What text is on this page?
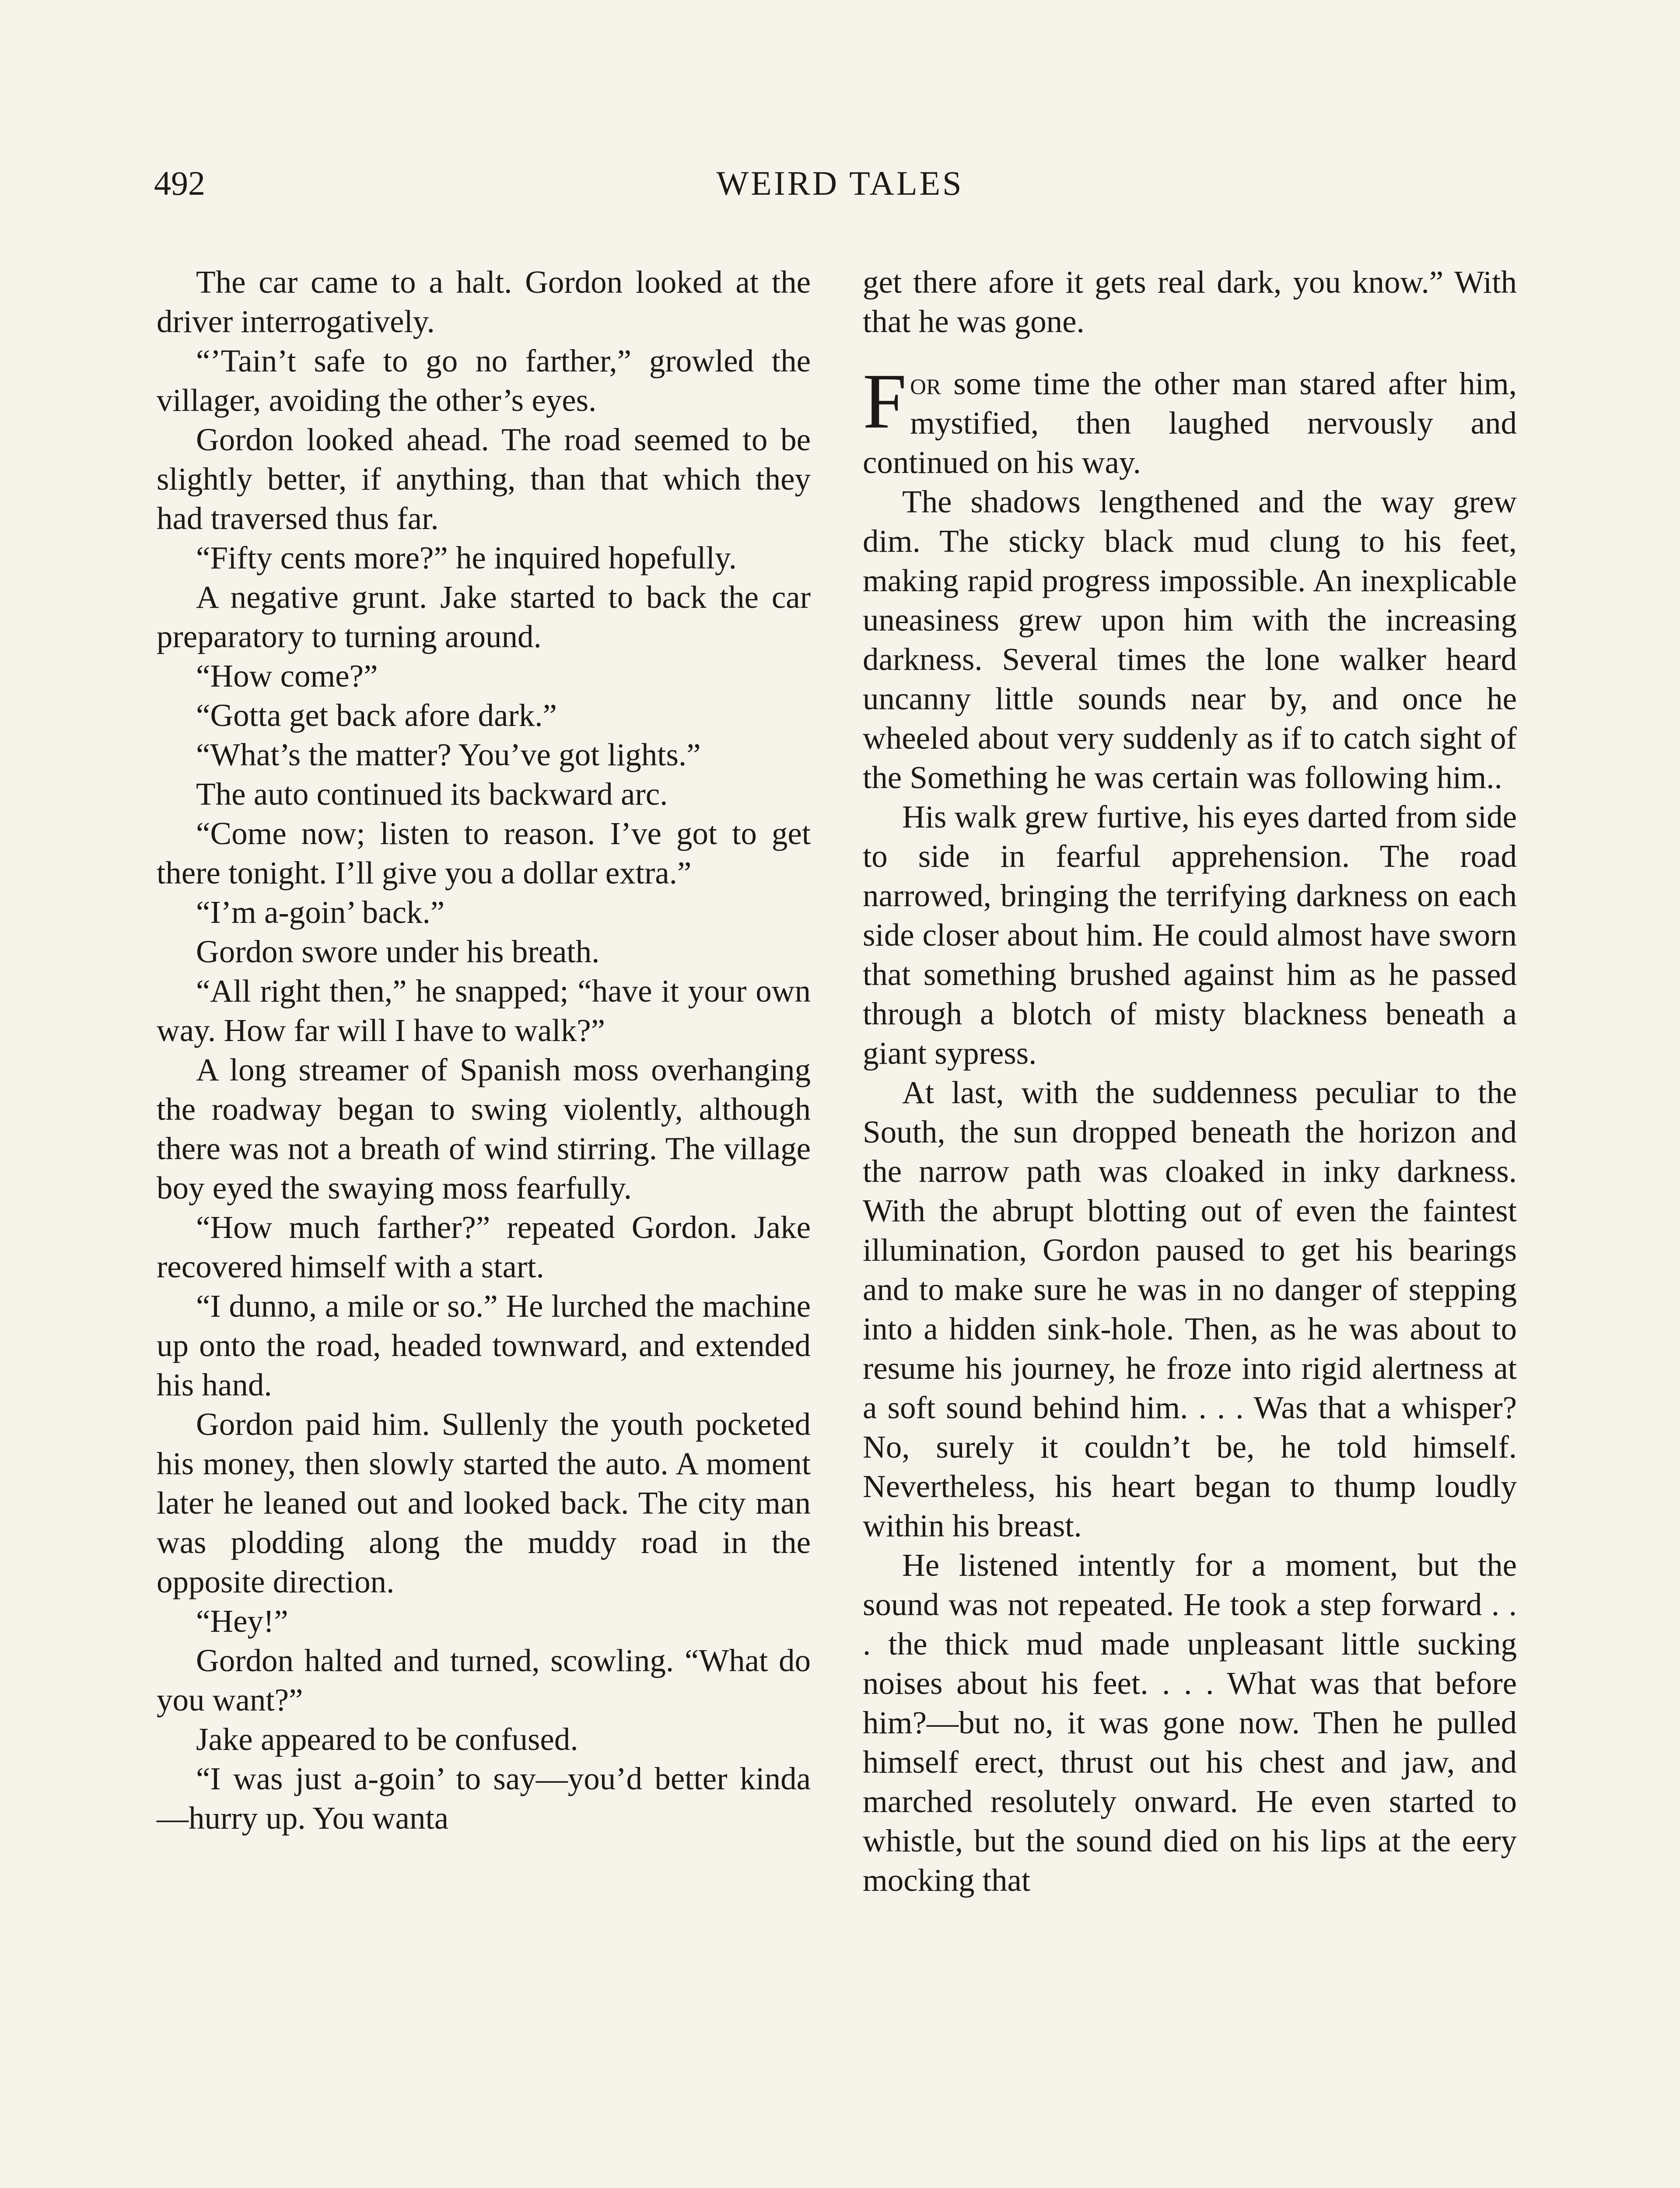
492	WEIRD TALES

The car came to a halt. Gordon looked at the driver interrogatively.

“’Tain’t safe to go no farther,” growled the villager, avoiding the other’s eyes.

Gordon looked ahead. The road seemed to be slightly better, if anything, than that which they had traversed thus far.

“Fifty cents more?” he inquired hopefully.

A negative grunt. Jake started to back the car preparatory to turning around.

“How come?”

“Gotta get back afore dark.”

“What’s the matter? You’ve got lights.”

The auto continued its backward arc.

“Come now; listen to reason. I’ve got to get there tonight. I’ll give you a dollar extra.”

“I’m a-goin’ back.”

Gordon swore under his breath.

“All right then,” he snapped; “have it your own way. How far will I have to walk?”

A long streamer of Spanish moss overhanging the roadway began to swing violently, although there was not a breath of wind stirring. The village boy eyed the swaying moss fearfully.

“How much farther?” repeated Gordon. Jake recovered himself with a start.

“I dunno, a mile or so.” He lurched the machine up onto the road, headed townward, and extended his hand.

Gordon paid him. Sullenly the youth pocketed his money, then slowly started the auto. A moment later he leaned out and looked back. The city man was plodding along the muddy road in the opposite direction.

“Hey!”

Gordon halted and turned, scowling. “What do you want?”

Jake appeared to be confused.

“I was just a-goin’ to say—you’d better kinda—hurry up. You wanta

get there afore it gets real dark, you know.” With that he was gone.

For some time the other man stared after him, mystified, then laughed nervously and continued on his way.

The shadows lengthened and the way grew dim. The sticky black mud clung to his feet, making rapid progress impossible. An inexplicable uneasiness grew upon him with the increasing darkness. Several times the lone walker heard uncanny little sounds near by, and once he wheeled about very suddenly as if to catch sight of the Something he was certain was following him..

His walk grew furtive, his eyes darted from side to side in fearful apprehension. The road narrowed, bringing the terrifying darkness on each side closer about him. He could almost have sworn that something brushed against him as he passed through a blotch of misty blackness beneath a giant sypress.

At last, with the suddenness peculiar to the South, the sun dropped beneath the horizon and the narrow path was cloaked in inky darkness. With the abrupt blotting out of even the faintest illumination, Gordon paused to get his bearings and to make sure he was in no danger of stepping into a hidden sink-hole. Then, as he was about to resume his journey, he froze into rigid alertness at a soft sound behind him. . . . Was that a whisper? No, surely it couldn’t be, he told himself. Nevertheless, his heart began to thump loudly within his breast.

He listened intently for a moment, but the sound was not repeated. He took a step forward . . . the thick mud made unpleasant little sucking noises about his feet. . . . What was that before him?—but no, it was gone now. Then he pulled himself erect, thrust out his chest and jaw, and marched resolutely onward. He even started to whistle, but the sound died on his lips at the eery mocking that
